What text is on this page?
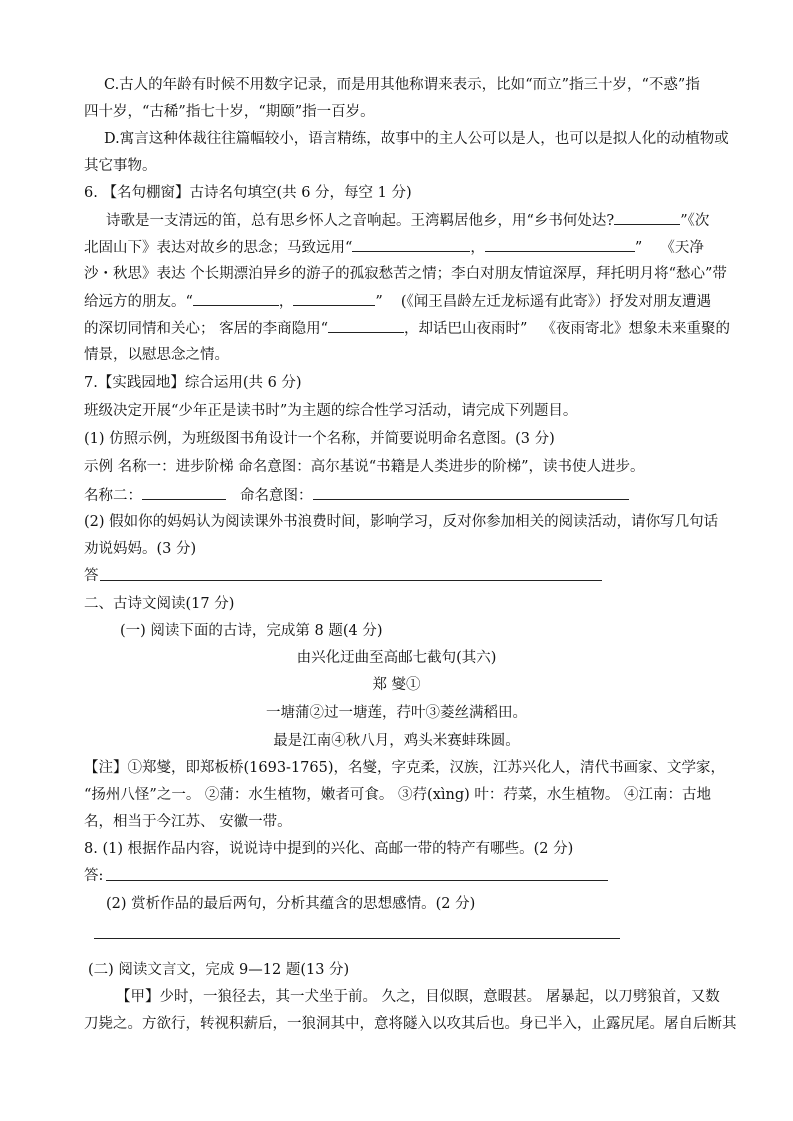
C.古人的年龄有时候不用数字记录，而是用其他称谓来表示，比如“而立”指三十岁，“不惑”指
四十岁，“古稀”指七十岁，“期颐”指一百岁。
D.寓言这种体裁往往篇幅较小，语言精练，故事中的主人公可以是人，也可以是拟人化的动植物或
其它事物。
6. 【名句棚窗】古诗名句填空(共 6 分，每空 1 分)
诗歌是一支清远的笛，总有思乡怀人之音响起。王湾羁居他乡，用“乡书何处达?	”《次
北固山下》表达对故乡的思念；马致远用“	，	” 《天净
沙・秋思》表达 个长期漂泊异乡的游子的孤寂愁苦之情；李白对朋友情谊深厚，拜托明月将“愁心”带
给远方的朋友。“	，	” (《闻王昌龄左迁龙标遥有此寄》）抒发对朋友遭遇
的深切同情和关心； 客居的李商隐用“	，却话巴山夜雨时” 《夜雨寄北》想象未来重聚的
情景，以慰思念之情。
7.【实践园地】综合运用(共 6 分)
班级决定开展“少年正是读书时”为主题的综合性学习活动，请完成下列题目。
(1) 仿照示例，为班级图书角设计一个名称，并简要说明命名意图。(3 分)
示例 名称一：进步阶梯 命名意图：高尔基说“书籍是人类进步的阶梯”，读书使人进步。
名称二：	命名意图：
(2) 假如你的妈妈认为阅读课外书浪费时间，影响学习，反对你参加相关的阅读活动，请你写几句话
劝说妈妈。(3 分)
答
二、古诗文阅读(17 分)
(一) 阅读下面的古诗，完成第 8 题(4 分)
由兴化迂曲至高邮七截句(其六)
郑 燮①
一塘蒲②过一塘莲，荇叶③菱丝满稻田。
最是江南④秋八月，鸡头米赛蚌珠圆。
【注】①郑燮，即郑板桥(1693-1765)，名燮，字克柔，汉族，江苏兴化人，清代书画家、文学家，
“扬州八怪”之一。 ②蒲：水生植物，嫩者可食。 ③荇(xìng) 叶：荇菜，水生植物。 ④江南：古地
名，相当于今江苏、 安徽一带。
8. (1) 根据作品内容，说说诗中提到的兴化、高邮一带的特产有哪些。(2 分)
答:
(2) 赏析作品的最后两句，分析其蕴含的思想感情。(2 分)
(二) 阅读文言文，完成 9—12 题(13 分)
【甲】少时，一狼径去，其一犬坐于前。 久之，目似瞑，意暇甚。 屠暴起，以刀劈狼首，又数
刀毙之。方欲行，转视积薪后，一狼洞其中，意将隧入以攻其后也。身已半入，止露尻尾。屠自后断其
